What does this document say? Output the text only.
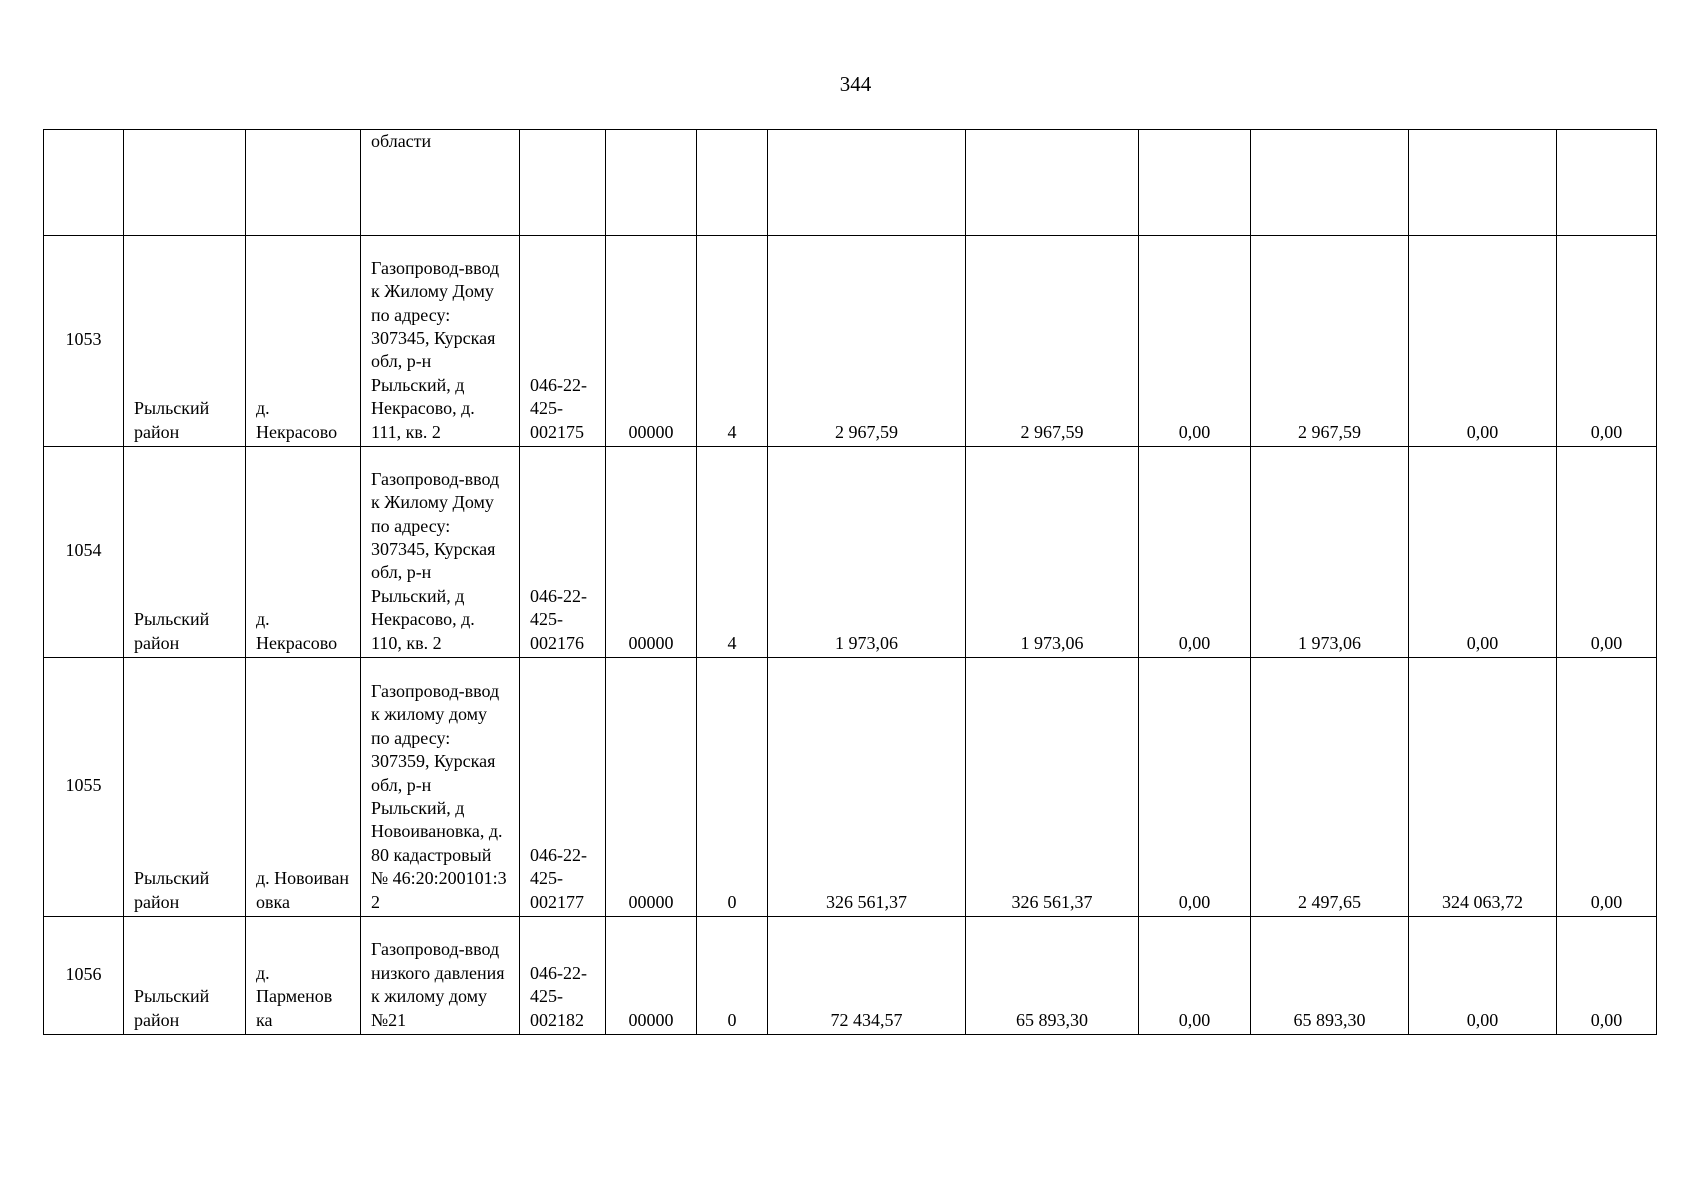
344
			области									
1053	Рыльский район	д. Некрасово	Газопровод-ввод к Жилому Дому по адресу: 307345, Курская обл, р-н Рыльский, д Некрасово, д. 111, кв. 2	046-22-425-002175	00000	4	2 967,59	2 967,59	0,00	2 967,59	0,00	0,00
1054	Рыльский район	д. Некрасово	Газопровод-ввод к Жилому Дому по адресу: 307345, Курская обл, р-н Рыльский, д Некрасово, д. 110, кв. 2	046-22-425-002176	00000	4	1 973,06	1 973,06	0,00	1 973,06	0,00	0,00
1055	Рыльский район	д. Новоиван овка	Газопровод-ввод к жилому дому по адресу: 307359, Курская обл, р-н Рыльский, д Новоивановка, д. 80 кадастровый № 46:20:200101:3 2	046-22-425-002177	00000	0	326 561,37	326 561,37	0,00	2 497,65	324 063,72	0,00
1056	Рыльский район	д. Парменов ка	Газопровод-ввод низкого давления к жилому дому №21	046-22-425-002182	00000	0	72 434,57	65 893,30	0,00	65 893,30	0,00	0,00
